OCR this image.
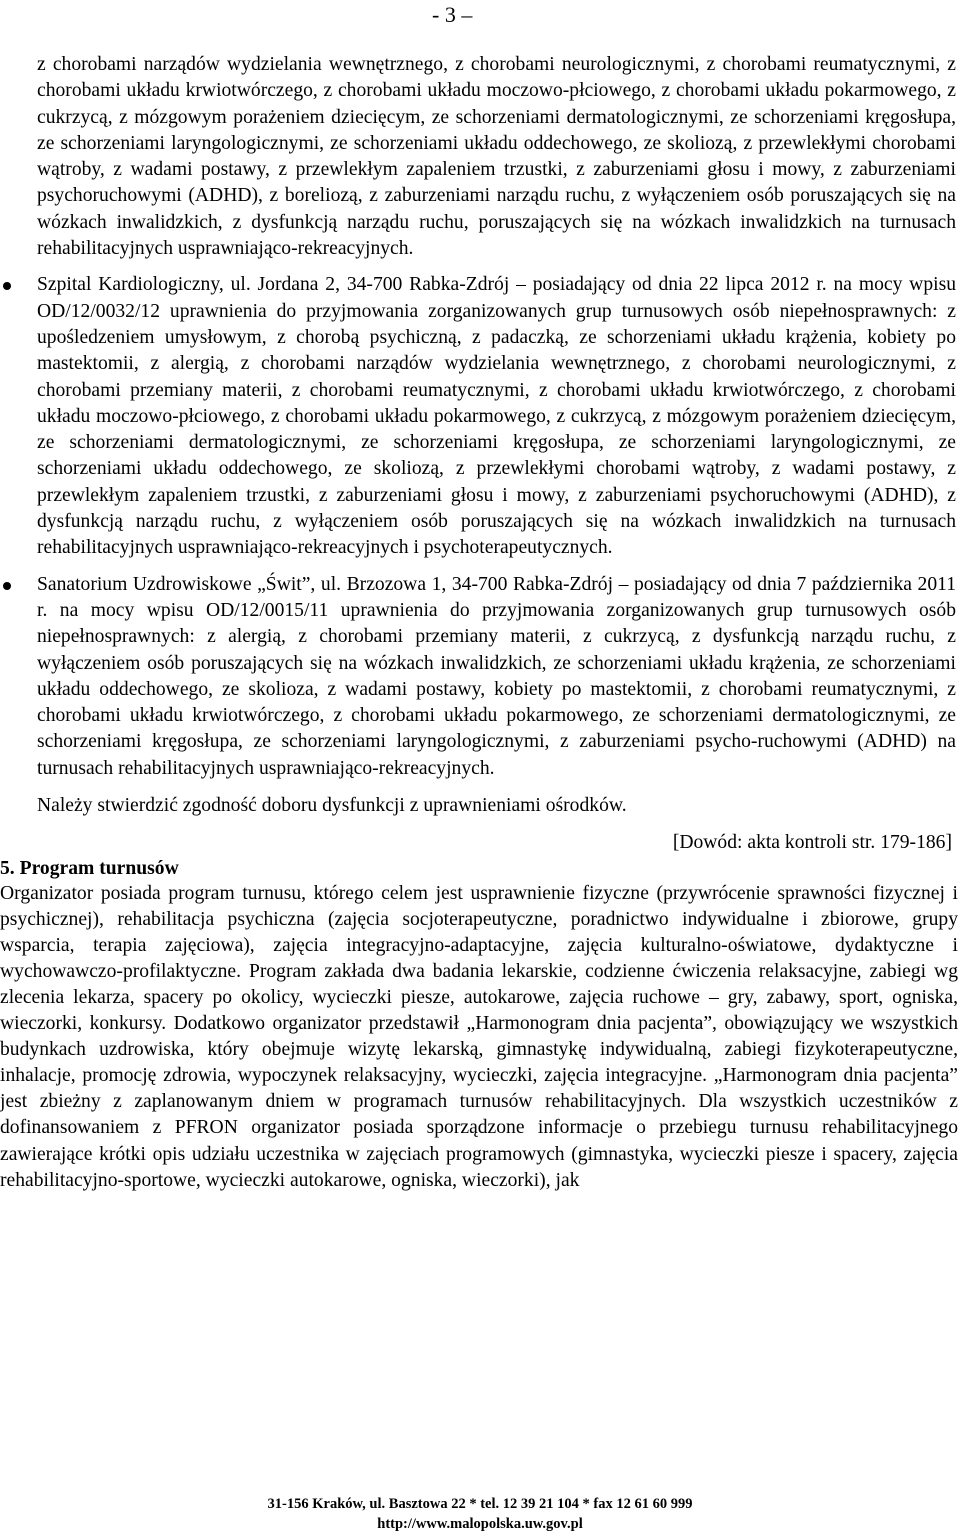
- 3 –

z chorobami narządów wydzielania wewnętrznego, z chorobami neurologicznymi, z chorobami reumatycznymi, z chorobami układu krwiotwórczego, z chorobami układu moczowo-płciowego, z chorobami układu pokarmowego, z cukrzycą, z mózgowym porażeniem dziecięcym, ze schorzeniami dermatologicznymi, ze schorzeniami kręgosłupa, ze schorzeniami laryngologicznymi, ze schorzeniami układu oddechowego, ze skoliozą, z przewlekłymi chorobami wątroby, z wadami postawy, z przewlekłym zapaleniem trzustki, z zaburzeniami głosu i mowy, z zaburzeniami psychoruchowymi (ADHD), z boreliozą, z zaburzeniami narządu ruchu, z wyłączeniem osób poruszających się na wózkach inwalidzkich, z dysfunkcją narządu ruchu, poruszających się na wózkach inwalidzkich na turnusach rehabilitacyjnych usprawniająco-rekreacyjnych.

Szpital Kardiologiczny, ul. Jordana 2, 34-700 Rabka-Zdrój – posiadający od dnia 22 lipca 2012 r. na mocy wpisu OD/12/0032/12 uprawnienia do przyjmowania zorganizowanych grup turnusowych osób niepełnosprawnych: z upośledzeniem umysłowym, z chorobą psychiczną, z padaczką, ze schorzeniami układu krążenia, kobiety po mastektomii, z alergią, z chorobami narządów wydzielania wewnętrznego, z chorobami neurologicznymi, z chorobami przemiany materii, z chorobami reumatycznymi, z chorobami układu krwiotwórczego, z chorobami układu moczowo-płciowego, z chorobami układu pokarmowego, z cukrzycą, z mózgowym porażeniem dziecięcym, ze schorzeniami dermatologicznymi, ze schorzeniami kręgosłupa, ze schorzeniami laryngologicznymi, ze schorzeniami układu oddechowego, ze skoliozą, z przewlekłymi chorobami wątroby, z wadami postawy, z przewlekłym zapaleniem trzustki, z zaburzeniami głosu i mowy, z zaburzeniami psychoruchowymi (ADHD), z dysfunkcją narządu ruchu, z wyłączeniem osób poruszających się na wózkach inwalidzkich na turnusach rehabilitacyjnych usprawniająco-rekreacyjnych i psychoterapeutycznych.
Sanatorium Uzdrowiskowe „Świt”, ul. Brzozowa 1, 34-700 Rabka-Zdrój – posiadający od dnia 7 października 2011 r. na mocy wpisu OD/12/0015/11 uprawnienia do przyjmowania zorganizowanych grup turnusowych osób niepełnosprawnych: z alergią, z chorobami przemiany materii, z cukrzycą, z dysfunkcją narządu ruchu, z wyłączeniem osób poruszających się na wózkach inwalidzkich, ze schorzeniami układu krążenia, ze schorzeniami układu oddechowego, ze skolioza, z wadami postawy, kobiety po mastektomii, z chorobami reumatycznymi, z chorobami układu krwiotwórczego, z chorobami układu pokarmowego, ze schorzeniami dermatologicznymi, ze schorzeniami kręgosłupa, ze schorzeniami laryngologicznymi, z zaburzeniami psycho-ruchowymi (ADHD) na turnusach rehabilitacyjnych usprawniająco-rekreacyjnych.

Należy stwierdzić zgodność doboru dysfunkcji z uprawnieniami ośrodków.

[Dowód: akta kontroli str. 179-186]

5. Program turnusów

Organizator posiada program turnusu, którego celem jest usprawnienie fizyczne (przywrócenie sprawności fizycznej i psychicznej), rehabilitacja psychiczna (zajęcia socjoterapeutyczne, poradnictwo indywidualne i zbiorowe, grupy wsparcia, terapia zajęciowa), zajęcia integracyjno-adaptacyjne, zajęcia kulturalno-oświatowe, dydaktyczne i wychowawczo-profilaktyczne. Program zakłada dwa badania lekarskie, codzienne ćwiczenia relaksacyjne, zabiegi wg zlecenia lekarza, spacery po okolicy, wycieczki piesze, autokarowe, zajęcia ruchowe – gry, zabawy, sport, ogniska, wieczorki, konkursy. Dodatkowo organizator przedstawił „Harmonogram dnia pacjenta”, obowiązujący we wszystkich budynkach uzdrowiska, który obejmuje wizytę lekarską, gimnastykę indywidualną, zabiegi fizykoterapeutyczne, inhalacje, promocję zdrowia, wypoczynek relaksacyjny, wycieczki, zajęcia integracyjne. „Harmonogram dnia pacjenta” jest zbieżny z zaplanowanym dniem w programach turnusów rehabilitacyjnych. Dla wszystkich uczestników z dofinansowaniem z PFRON organizator posiada sporządzone informacje o przebiegu turnusu rehabilitacyjnego zawierające krótki opis udziału uczestnika w zajęciach programowych (gimnastyka, wycieczki piesze i spacery, zajęcia rehabilitacyjno-sportowe, wycieczki autokarowe, ogniska, wieczorki), jak

31-156 Kraków, ul. Basztowa 22 * tel. 12 39 21 104 * fax 12 61 60 999
http://www.malopolska.uw.gov.pl
